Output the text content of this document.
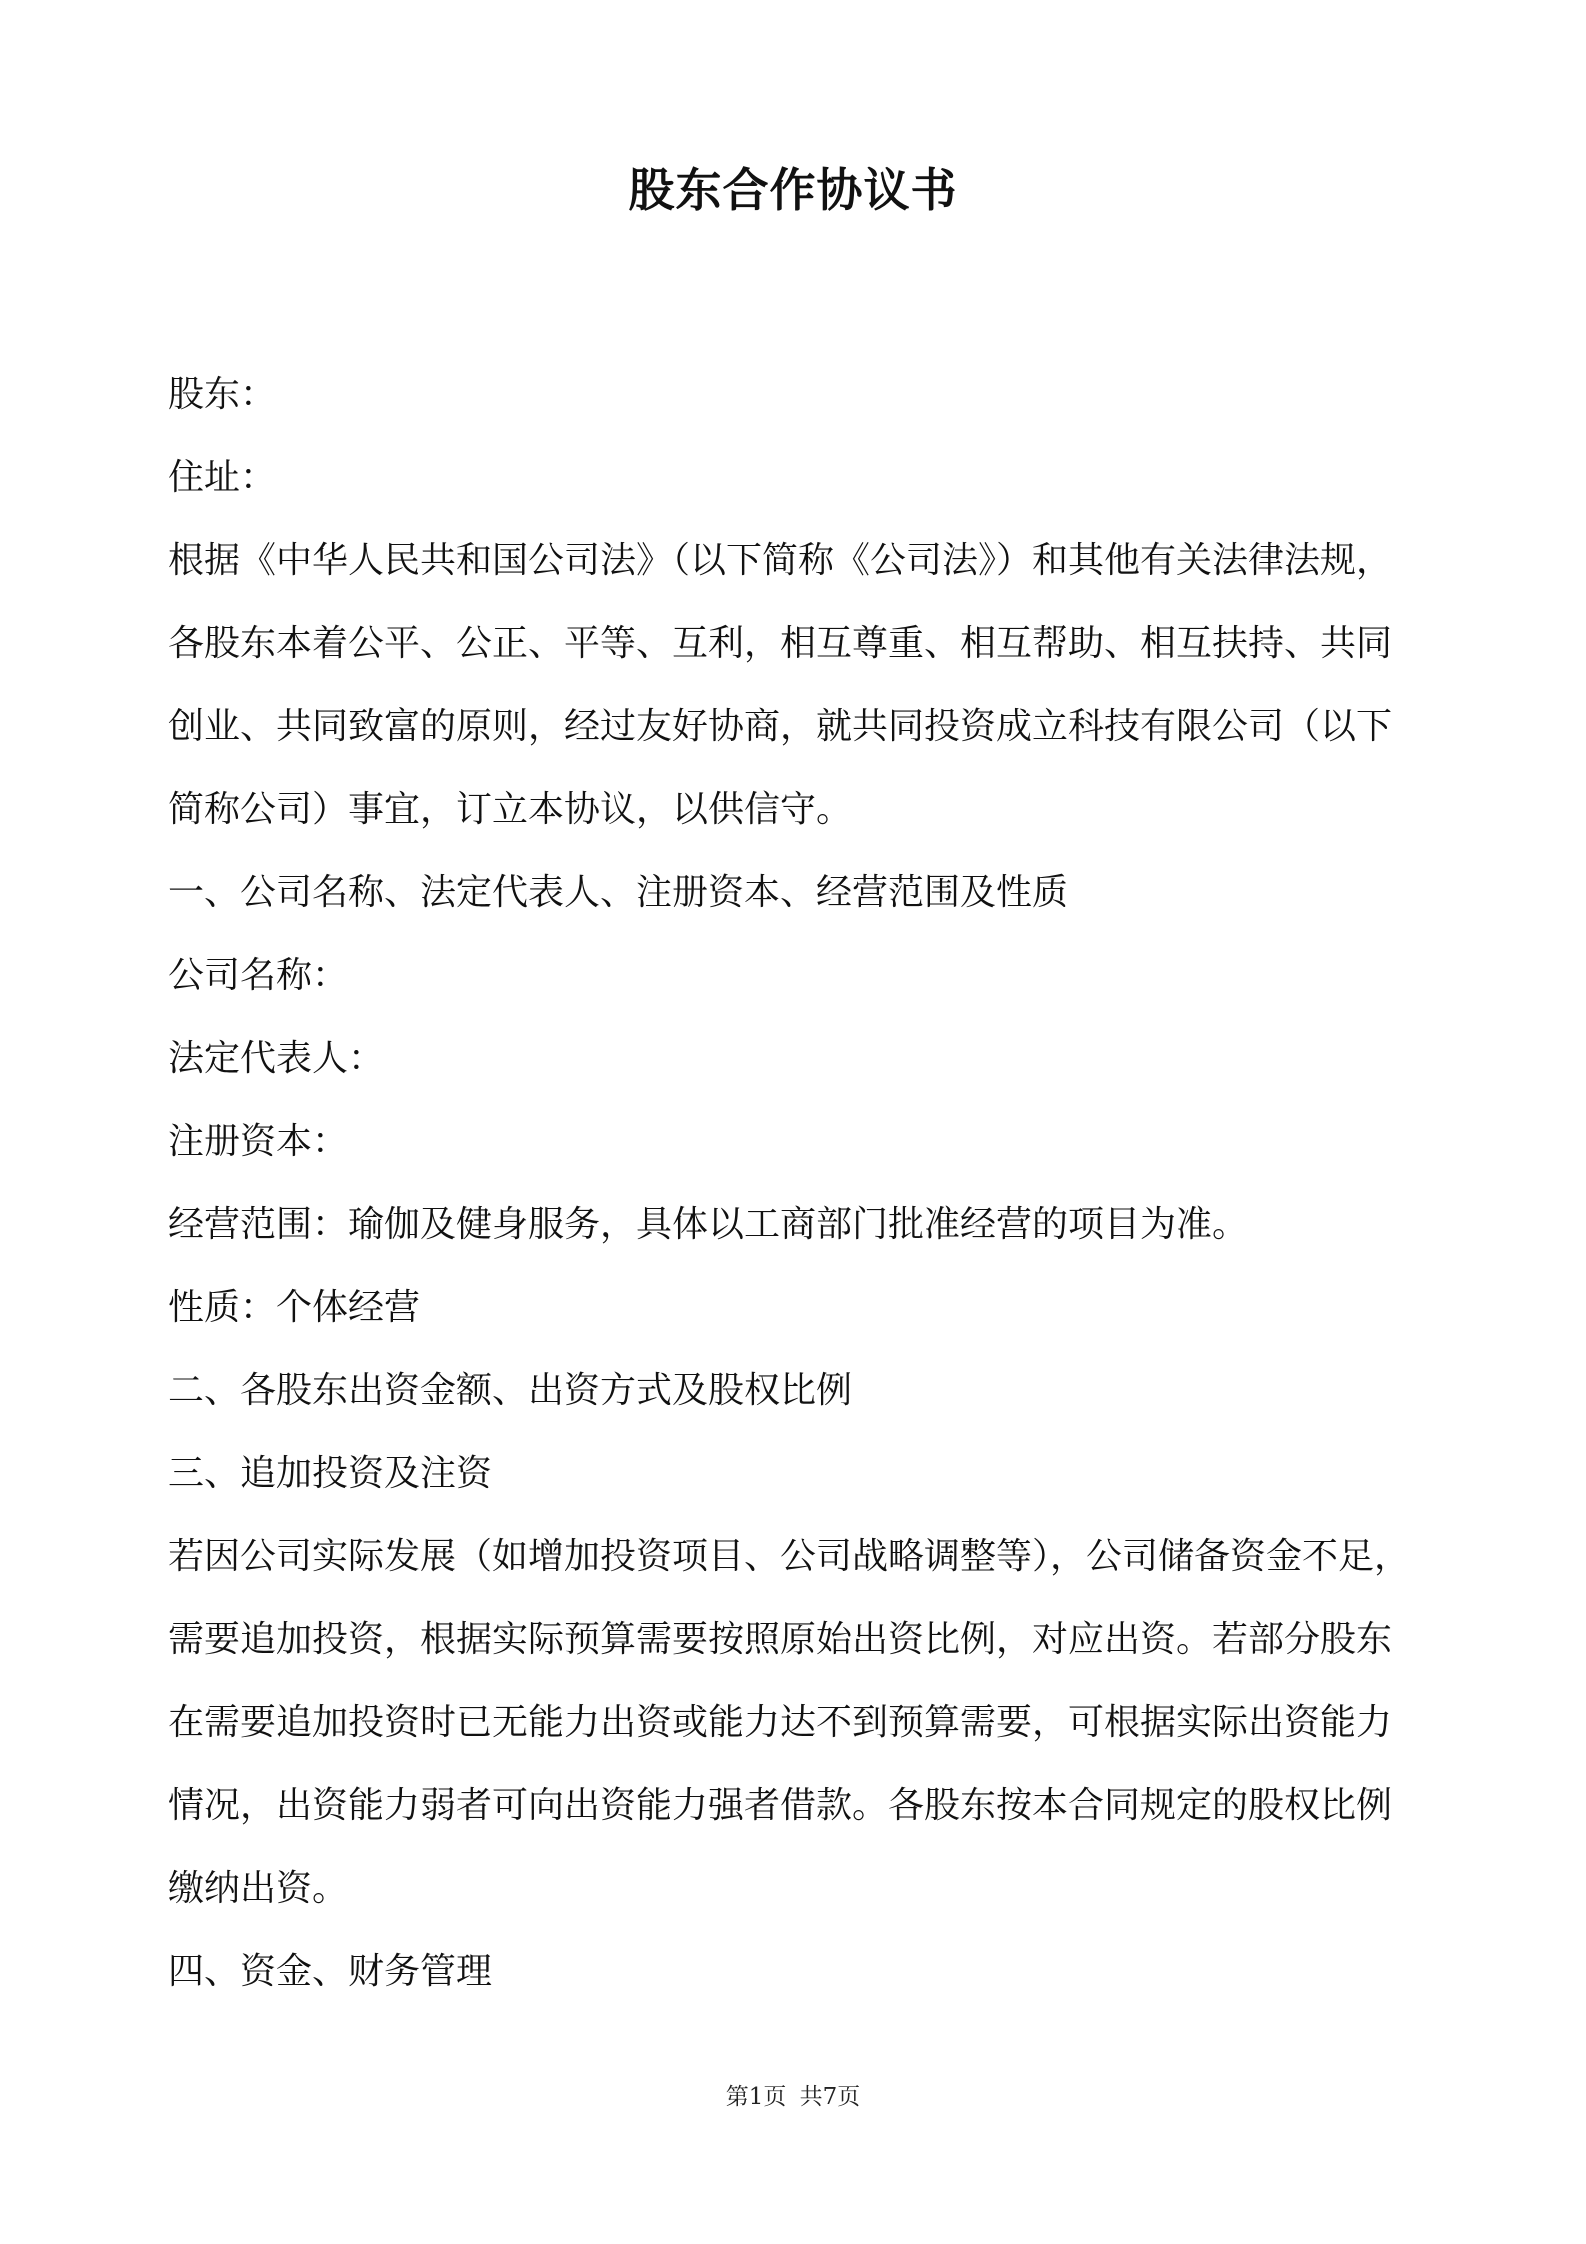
股东合作协议书

股东：

住址：

根据《中华人民共和国公司法》（以下简称《公司法》）和其他有关法律法规，

各股东本着公平、公正、平等、互利，相互尊重、相互帮助、相互扶持、共同

创业、共同致富的原则，经过友好协商，就共同投资成立科技有限公司（以下

简称公司）事宜，订立本协议，以供信守。

一、公司名称、法定代表人、注册资本、经营范围及性质

公司名称：

法定代表人：

注册资本：

经营范围：瑜伽及健身服务，具体以工商部门批准经营的项目为准。

性质：个体经营

二、各股东出资金额、出资方式及股权比例

三、追加投资及注资

若因公司实际发展（如增加投资项目、公司战略调整等），公司储备资金不足，

需要追加投资，根据实际预算需要按照原始出资比例，对应出资。若部分股东

在需要追加投资时已无能力出资或能力达不到预算需要，可根据实际出资能力

情况，出资能力弱者可向出资能力强者借款。各股东按本合同规定的股权比例

缴纳出资。

四、资金、财务管理

第1页 共7页
